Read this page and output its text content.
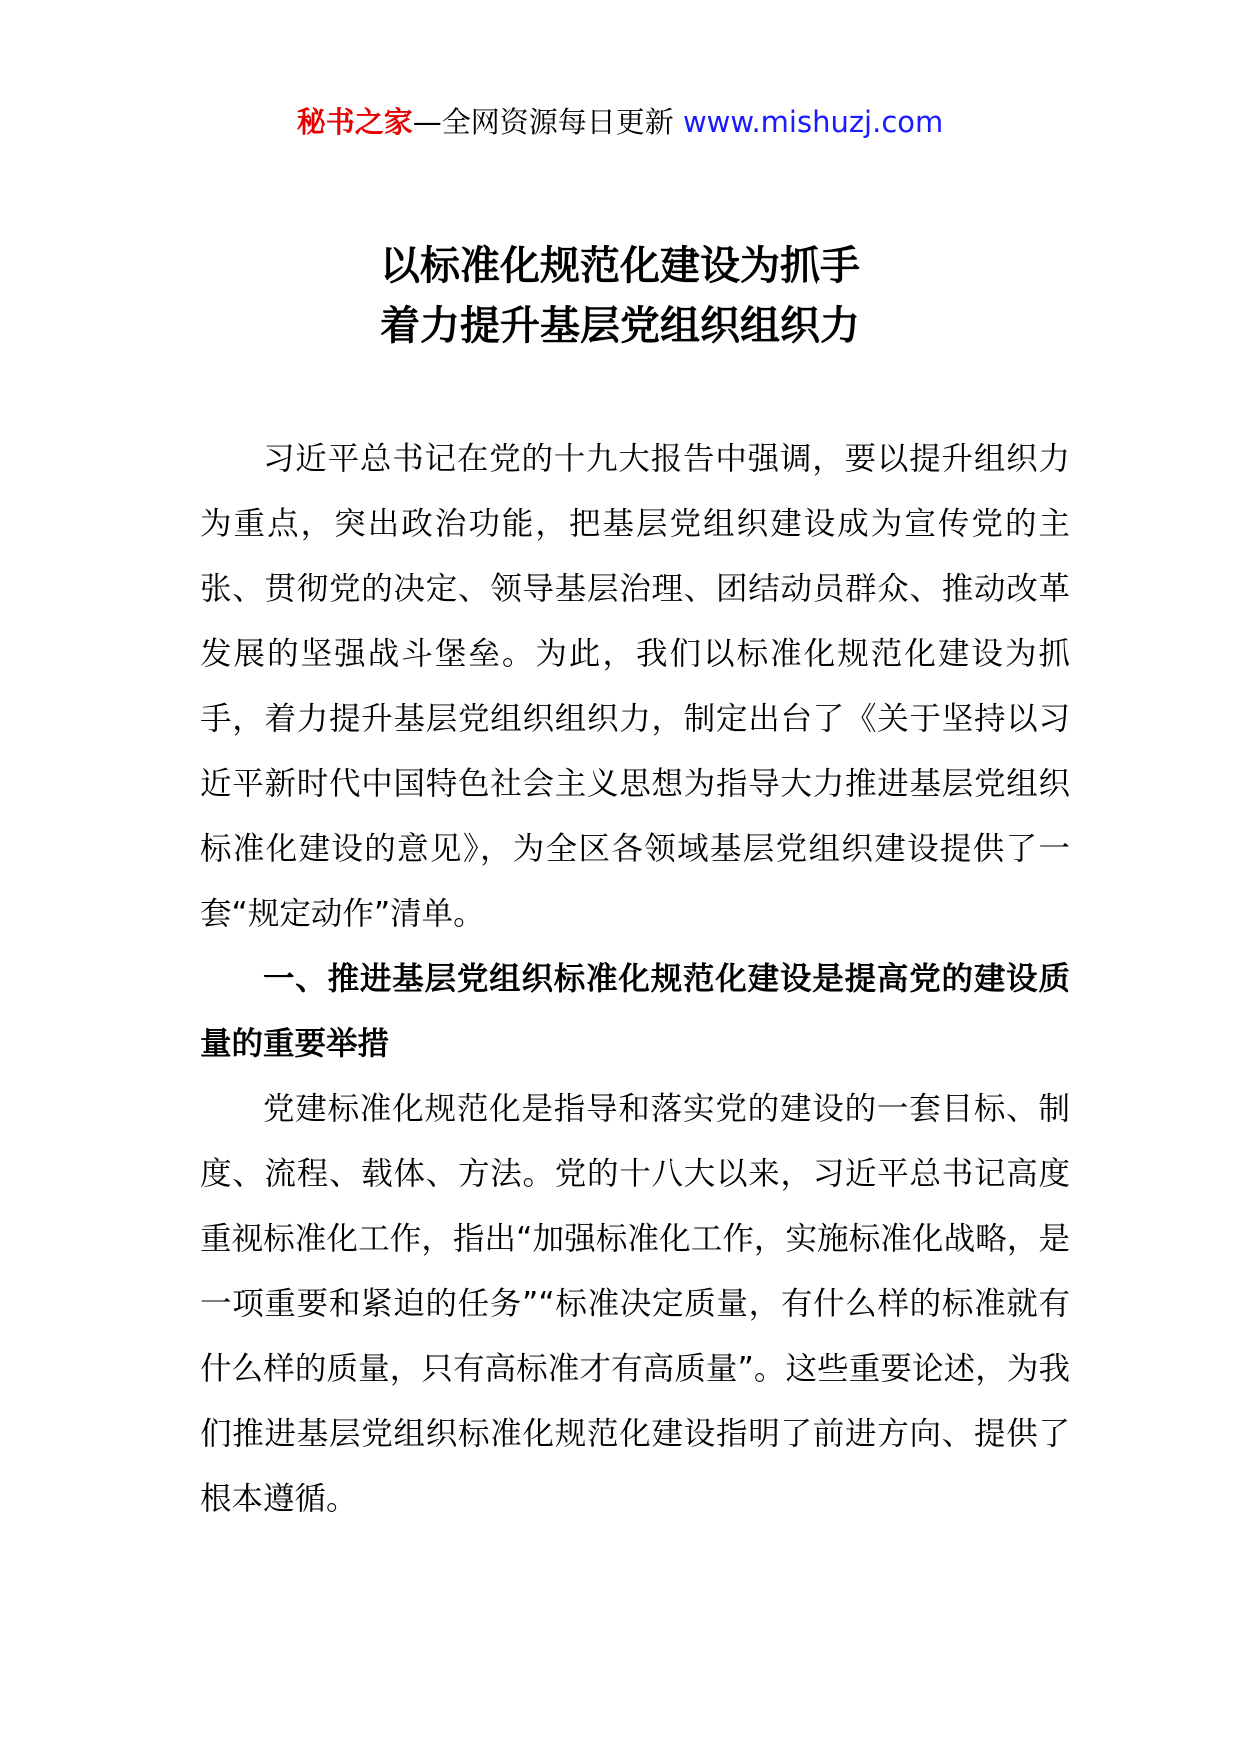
秘书之家—全网资源每日更新 www.mishuzj.com
以标准化规范化建设为抓手
着力提升基层党组织组织力

习近平总书记在党的十九大报告中强调，要以提升组织力为重点，突出政治功能，把基层党组织建设成为宣传党的主张、贯彻党的决定、领导基层治理、团结动员群众、推动改革发展的坚强战斗堡垒。为此，我们以标准化规范化建设为抓手，着力提升基层党组织组织力，制定出台了《关于坚持以习近平新时代中国特色社会主义思想为指导大力推进基层党组织标准化建设的意见》，为全区各领域基层党组织建设提供了一套“规定动作”清单。

一、推进基层党组织标准化规范化建设是提高党的建设质量的重要举措

党建标准化规范化是指导和落实党的建设的一套目标、制度、流程、载体、方法。党的十八大以来，习近平总书记高度重视标准化工作，指出“加强标准化工作，实施标准化战略，是一项重要和紧迫的任务”“标准决定质量，有什么样的标准就有什么样的质量，只有高标准才有高质量”。这些重要论述，为我们推进基层党组织标准化规范化建设指明了前进方向、提供了根本遵循。
